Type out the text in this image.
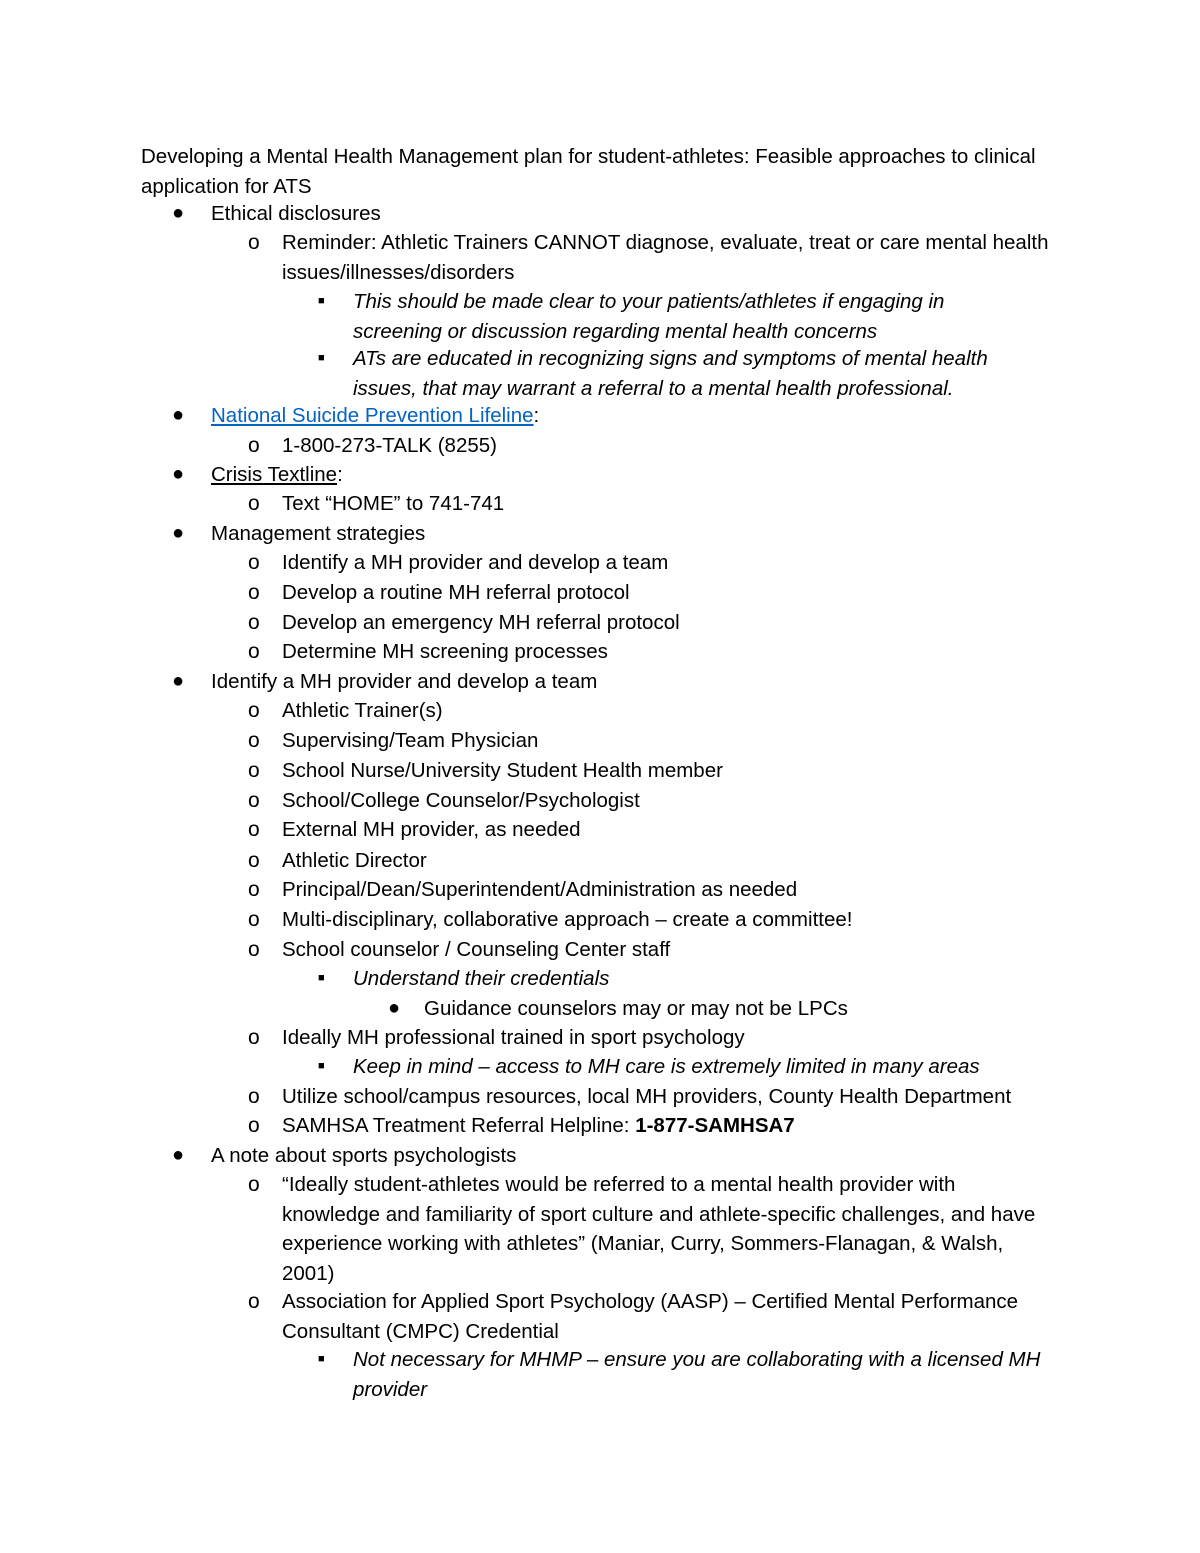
Developing a Mental Health Management plan for student-athletes: Feasible approaches to clinical application for ATS
● Ethical disclosures
o Reminder: Athletic Trainers CANNOT diagnose, evaluate, treat or care mental health issues/illnesses/disorders
■ This should be made clear to your patients/athletes if engaging in screening or discussion regarding mental health concerns
■ ATs are educated in recognizing signs and symptoms of mental health issues, that may warrant a referral to a mental health professional.
● National Suicide Prevention Lifeline:
o 1-800-273-TALK (8255)
● Crisis Textline:
o Text “HOME” to 741-741
● Management strategies
o Identify a MH provider and develop a team
o Develop a routine MH referral protocol
o Develop an emergency MH referral protocol
o Determine MH screening processes
● Identify a MH provider and develop a team
o Athletic Trainer(s)
o Supervising/Team Physician
o School Nurse/University Student Health member
o School/College Counselor/Psychologist
o External MH provider, as needed
o Athletic Director
o Principal/Dean/Superintendent/Administration as needed
o Multi-disciplinary, collaborative approach – create a committee!
o School counselor / Counseling Center staff
■ Understand their credentials
● Guidance counselors may or may not be LPCs
o Ideally MH professional trained in sport psychology
■ Keep in mind – access to MH care is extremely limited in many areas
o Utilize school/campus resources, local MH providers, County Health Department
o SAMHSA Treatment Referral Helpline: 1-877-SAMHSA7
● A note about sports psychologists
o “Ideally student-athletes would be referred to a mental health provider with knowledge and familiarity of sport culture and athlete-specific challenges, and have experience working with athletes” (Maniar, Curry, Sommers-Flanagan, & Walsh, 2001)
o Association for Applied Sport Psychology (AASP) – Certified Mental Performance Consultant (CMPC) Credential
■ Not necessary for MHMP – ensure you are collaborating with a licensed MH provider
